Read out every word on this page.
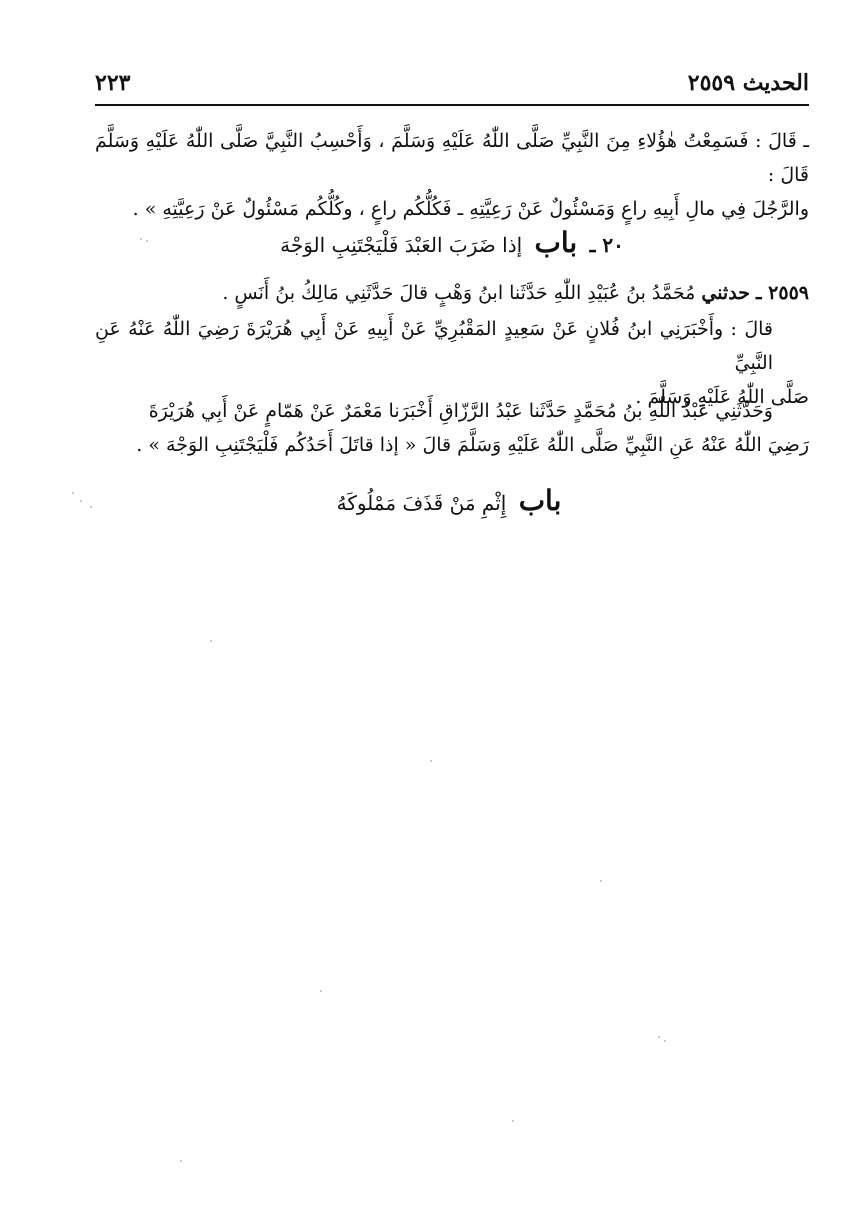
الحديث ٢٥٥٩
٢٢٣

ـ قَالَ : فَسَمِعْتُ هٰؤُلاءِ مِنَ النَّبِيِّ صَلَّى اللّٰهُ عَلَيْهِ وَسَلَّمَ ، وَأَحْسِبُ النَّبِيَّ صَلَّى اللّٰهُ عَلَيْهِ وَسَلَّمَ قَالَ :

والرَّجُلَ فِي مالِ أَبِيهِ راعٍ وَمَسْئُولٌ عَنْ رَعِيَّتِهِ ـ فَكُلُّكُم راعٍ ، وكُلُّكُم مَسْئُولٌ عَنْ رَعِيَّتِهِ » .

٢٠ ـ باب إذا ضَرَبَ العَبْدَ فَلْيَجْتَنِبِ الوَجْهَ

٢٥٥٩ ـ حدثني مُحَمَّدُ بنُ عُبَيْدِ اللّٰهِ حَدَّثَنا ابنُ وَهْبٍ قالَ حَدَّثَنِي مَالِكُ بنُ أَنَسٍ .

قالَ : وأَخْبَرَنِي ابنُ فُلانٍ عَنْ سَعِيدٍ المَقْبُرِيِّ عَنْ أَبِيهِ عَنْ أَبِي هُرَيْرَةَ رَضِيَ اللّٰهُ عَنْهُ عَنِ النَّبِيِّ

صَلَّى اللّٰهُ عَلَيْهِ وَسَلَّمَ .

وَحَدَّثَنِي عَبْدُ اللّٰهِ بنُ مُحَمَّدٍ حَدَّثَنا عَبْدُ الرَّزّاقِ أَخْبَرَنا مَعْمَرٌ عَنْ هَمّامٍ عَنْ أَبِي هُرَيْرَةَ

رَضِيَ اللّٰهُ عَنْهُ عَنِ النَّبِيِّ صَلَّى اللّٰهُ عَلَيْهِ وَسَلَّمَ قالَ « إذا قاتَلَ أَحَدُكُم فَلْيَجْتَنِبِ الوَجْهَ » .

باب إِثْمِ مَنْ قَذَفَ مَمْلُوكَهُ
